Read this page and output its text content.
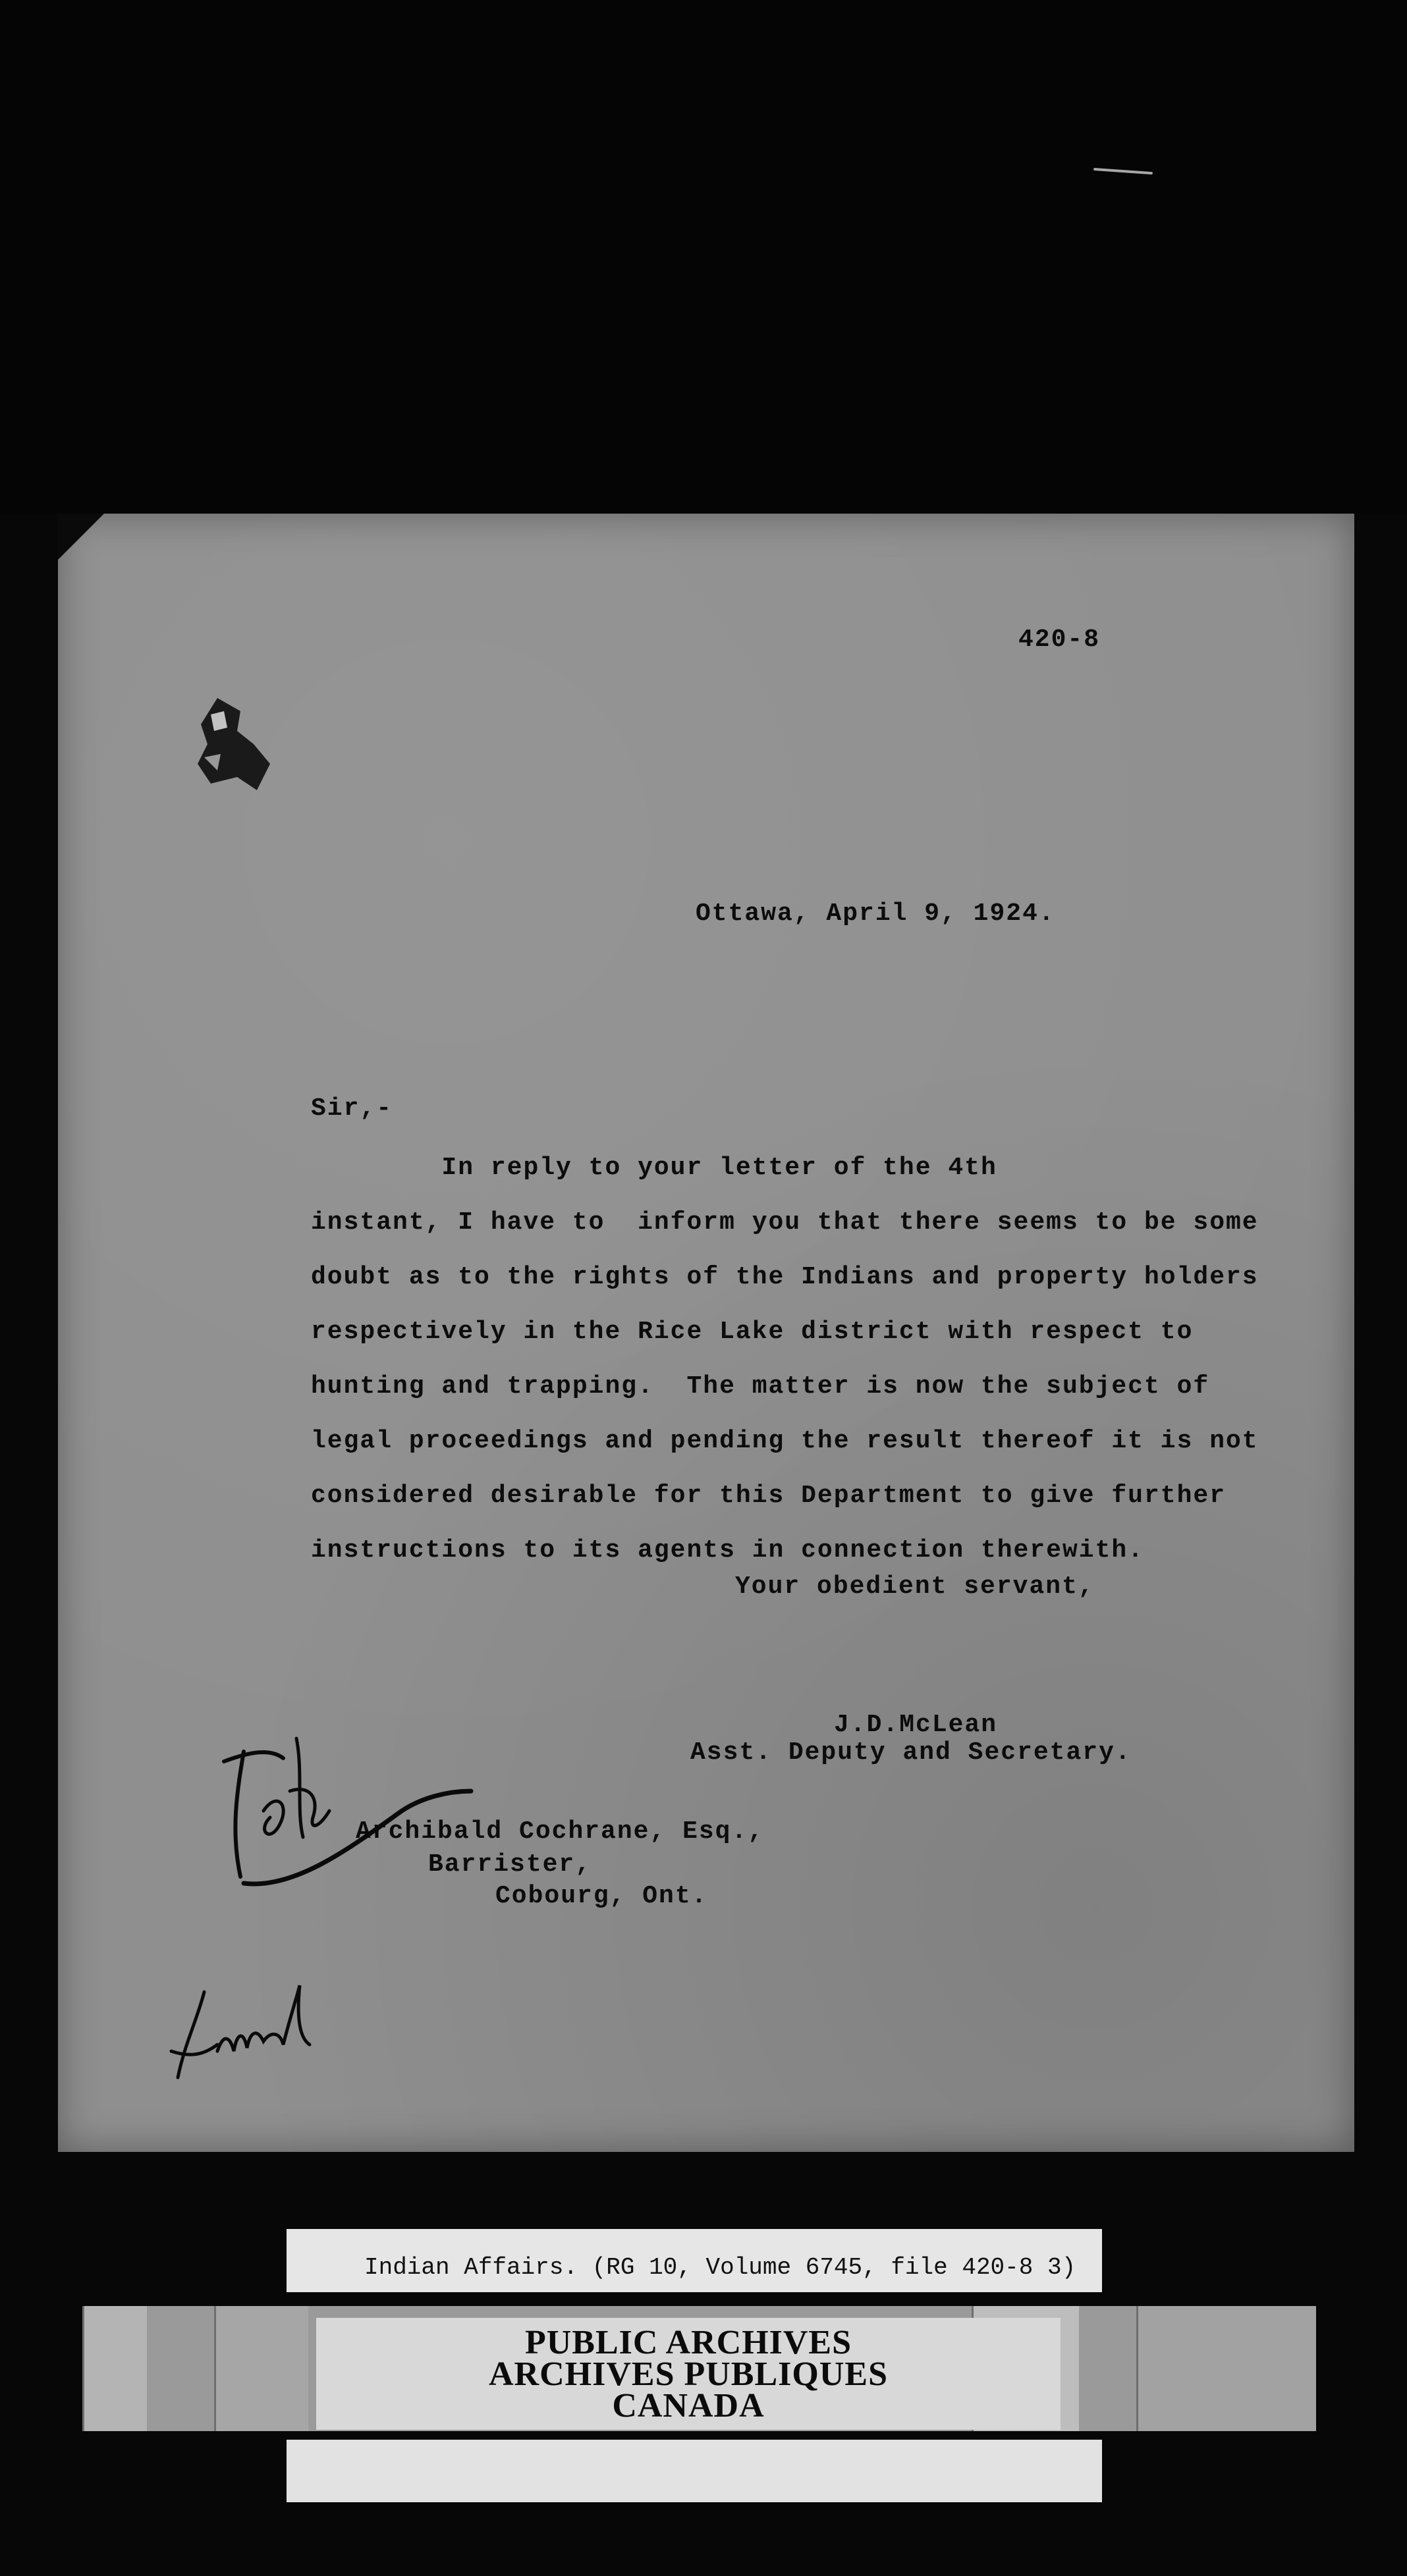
420-8
Ottawa, April 9, 1924.
Sir,-

In reply to your letter of the 4th

instant, I have to  inform you that there seems to be some

doubt as to the rights of the Indians and property holders

respectively in the Rice Lake district with respect to

hunting and trapping.  The matter is now the subject of

legal proceedings and pending the result thereof it is not

considered desirable for this Department to give further

instructions to its agents in connection therewith.

Your obedient servant,
J.D.McLean
Asst. Deputy and Secretary.
Archibald Cochrane, Esq.,
Barrister,
Cobourg, Ont.
Indian Affairs. (RG 10, Volume 6745, file 420-8 3)
PUBLIC ARCHIVES
ARCHIVES PUBLIQUES
CANADA
